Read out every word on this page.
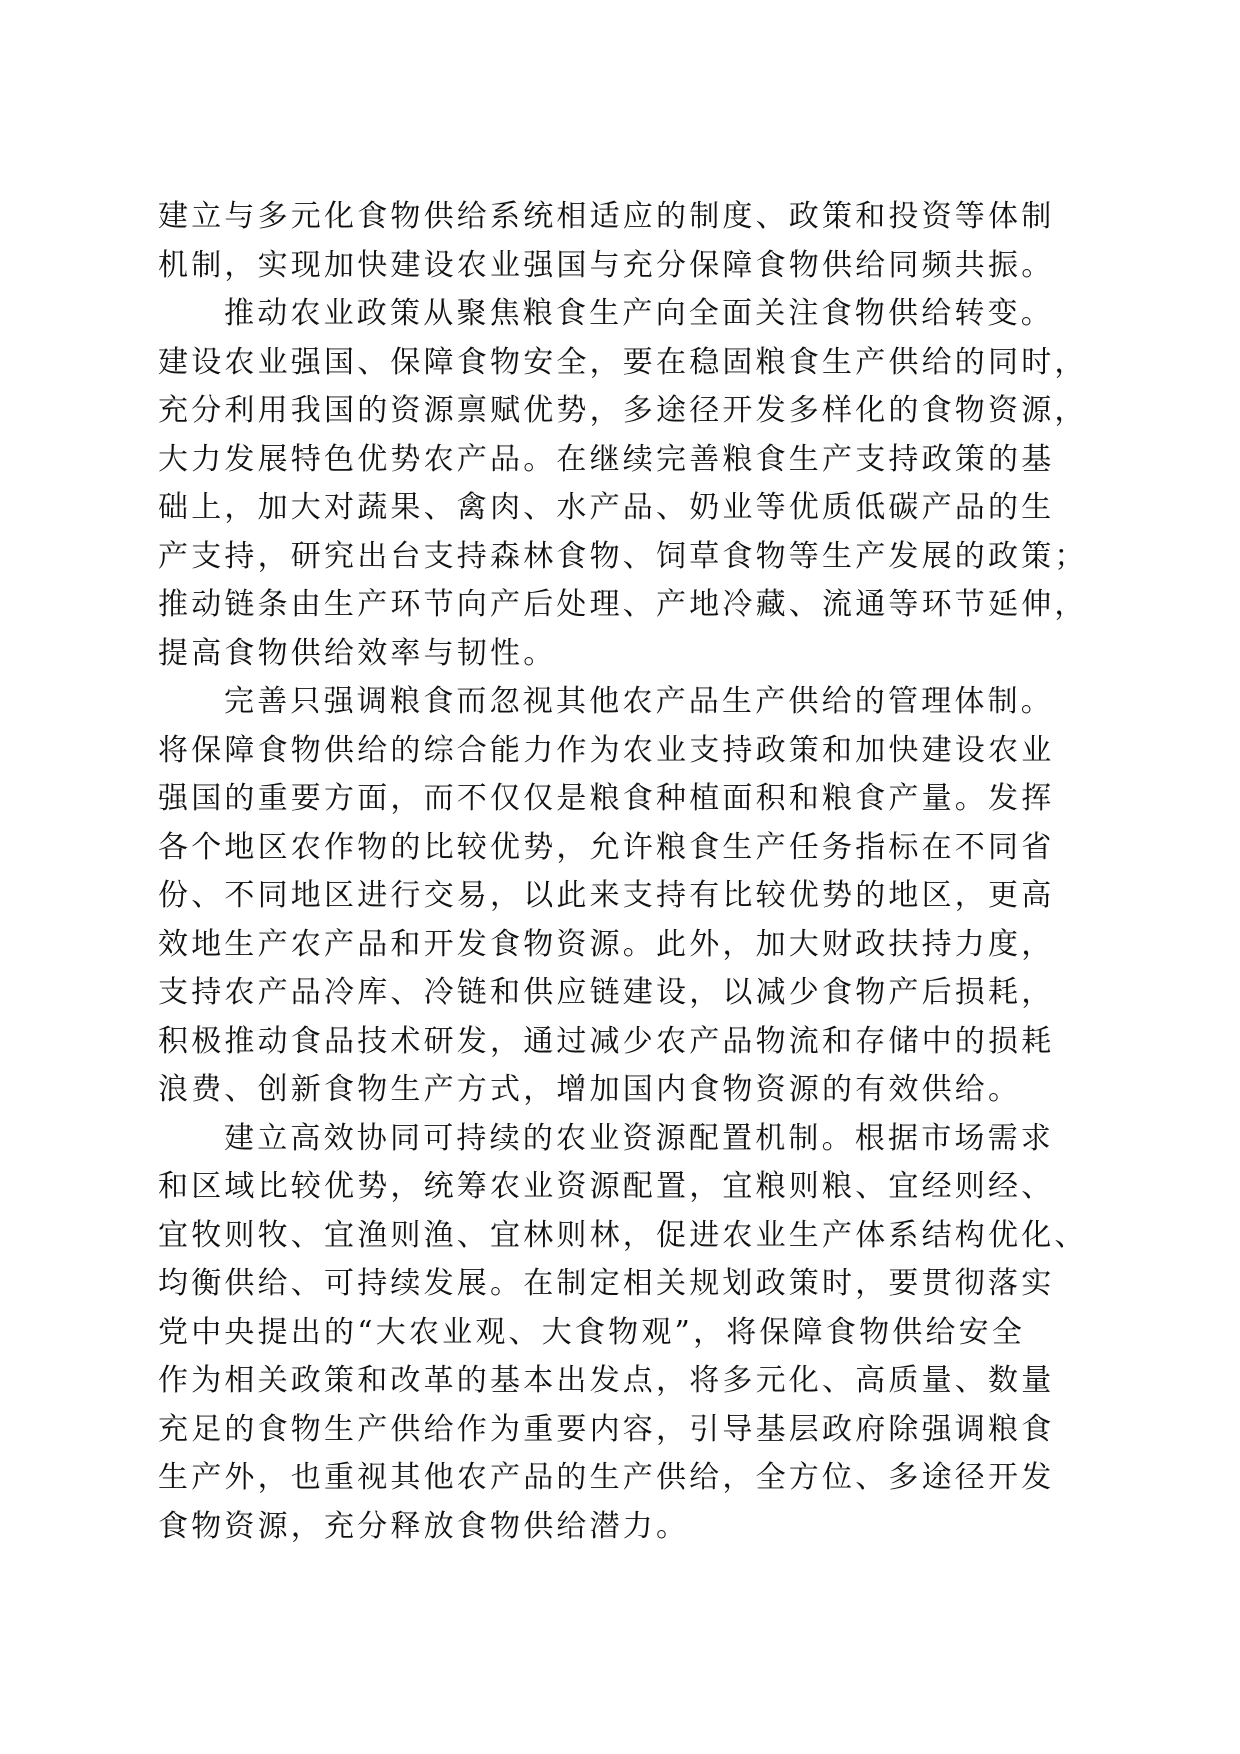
建立与多元化食物供给系统相适应的制度、政策和投资等体制
机制，实现加快建设农业强国与充分保障食物供给同频共振。

推动农业政策从聚焦粮食生产向全面关注食物供给转变。
建设农业强国、保障食物安全，要在稳固粮食生产供给的同时，
充分利用我国的资源禀赋优势，多途径开发多样化的食物资源，
大力发展特色优势农产品。在继续完善粮食生产支持政策的基
础上，加大对蔬果、禽肉、水产品、奶业等优质低碳产品的生
产支持，研究出台支持森林食物、饲草食物等生产发展的政策；
推动链条由生产环节向产后处理、产地冷藏、流通等环节延伸，
提高食物供给效率与韧性。

完善只强调粮食而忽视其他农产品生产供给的管理体制。
将保障食物供给的综合能力作为农业支持政策和加快建设农业
强国的重要方面，而不仅仅是粮食种植面积和粮食产量。发挥
各个地区农作物的比较优势，允许粮食生产任务指标在不同省
份、不同地区进行交易，以此来支持有比较优势的地区，更高
效地生产农产品和开发食物资源。此外，加大财政扶持力度，
支持农产品冷库、冷链和供应链建设，以减少食物产后损耗，
积极推动食品技术研发，通过减少农产品物流和存储中的损耗
浪费、创新食物生产方式，增加国内食物资源的有效供给。

建立高效协同可持续的农业资源配置机制。根据市场需求
和区域比较优势，统筹农业资源配置，宜粮则粮、宜经则经、
宜牧则牧、宜渔则渔、宜林则林，促进农业生产体系结构优化、
均衡供给、可持续发展。在制定相关规划政策时，要贯彻落实
党中央提出的“大农业观、大食物观”，将保障食物供给安全
作为相关政策和改革的基本出发点，将多元化、高质量、数量
充足的食物生产供给作为重要内容，引导基层政府除强调粮食
生产外，也重视其他农产品的生产供给，全方位、多途径开发
食物资源，充分释放食物供给潜力。
